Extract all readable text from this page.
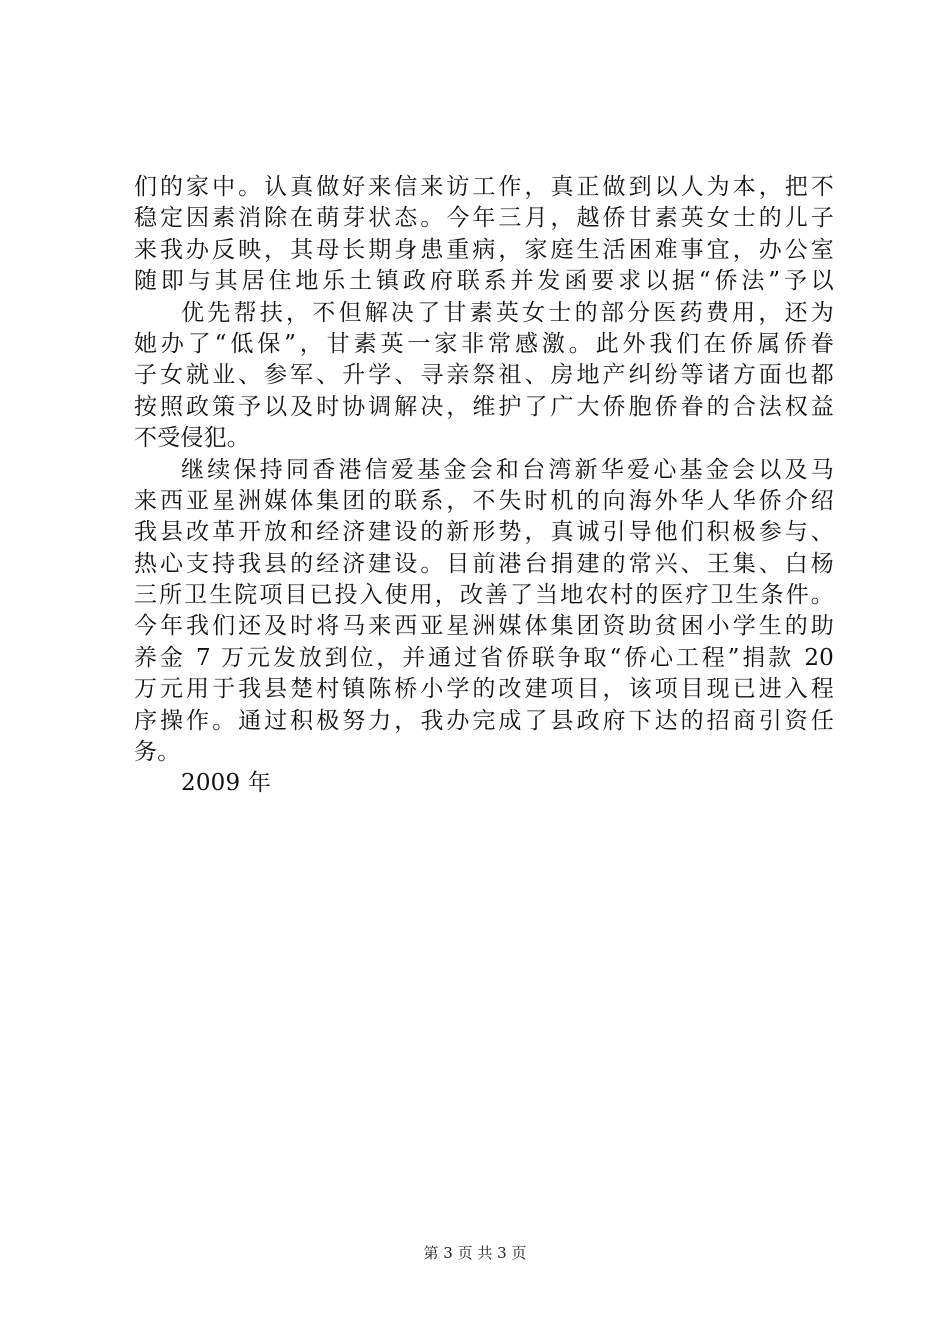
们的家中。认真做好来信来访工作，真正做到以人为本，把不
稳定因素消除在萌芽状态。今年三月，越侨甘素英女士的儿子
来我办反映，其母长期身患重病，家庭生活困难事宜，办公室
随即与其居住地乐土镇政府联系并发函要求以据“侨法”予以
优先帮扶，不但解决了甘素英女士的部分医药费用，还为
她办了“低保”，甘素英一家非常感激。此外我们在侨属侨眷
子女就业、参军、升学、寻亲祭祖、房地产纠纷等诸方面也都
按照政策予以及时协调解决，维护了广大侨胞侨眷的合法权益
不受侵犯。
继续保持同香港信爱基金会和台湾新华爱心基金会以及马
来西亚星洲媒体集团的联系，不失时机的向海外华人华侨介绍
我县改革开放和经济建设的新形势，真诚引导他们积极参与、
热心支持我县的经济建设。目前港台捐建的常兴、王集、白杨
三所卫生院项目已投入使用，改善了当地农村的医疗卫生条件。
今年我们还及时将马来西亚星洲媒体集团资助贫困小学生的助
养金 7 万元发放到位，并通过省侨联争取“侨心工程”捐款 20
万元用于我县楚村镇陈桥小学的改建项目，该项目现已进入程
序操作。通过积极努力，我办完成了县政府下达的招商引资任
务。
2009 年
第 3 页 共 3 页
